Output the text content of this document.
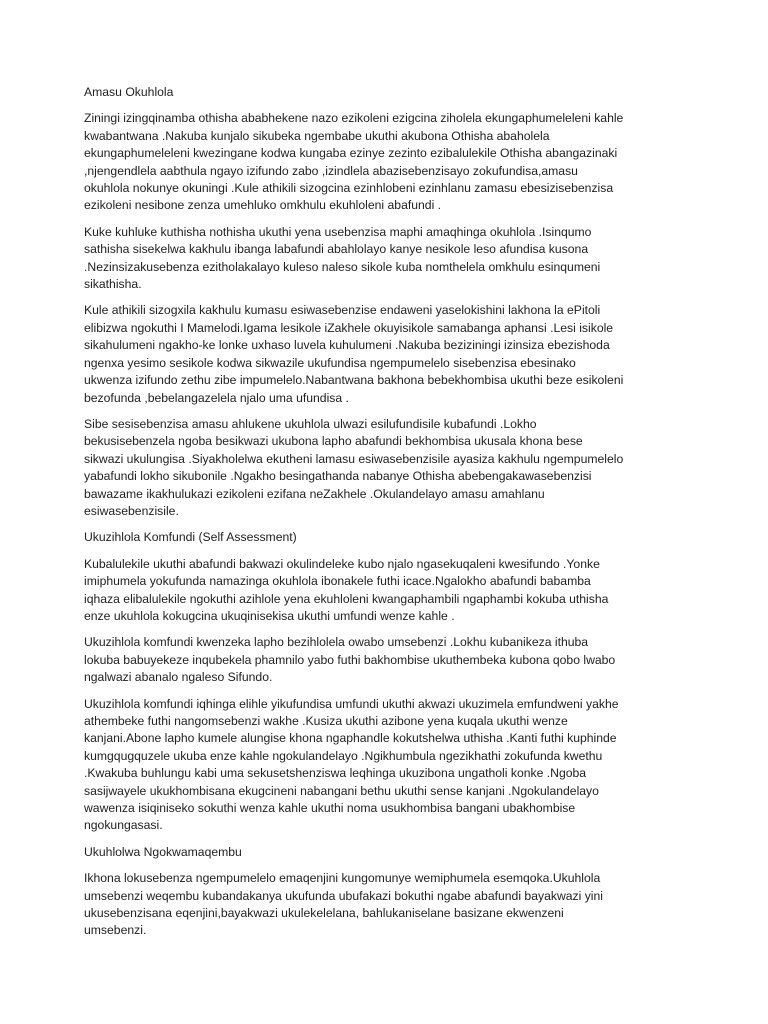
Amasu Okuhlola

Ziningi izingqinamba othisha ababhekene nazo ezikoleni ezigcina ziholela ekungaphumeleleni kahle kwabantwana .Nakuba kunjalo sikubeka ngembabe ukuthi akubona Othisha abaholela ekungaphumeleleni kwezingane kodwa kungaba ezinye zezinto ezibalulekile Othisha abangazinaki ,njengendlela aabthula ngayo izifundo zabo ,izindlela abazisebenzisayo zokufundisa,amasu okuhlola nokunye okuningi .Kule athikili sizogcina ezinhlobeni ezinhlanu zamasu ebesizisebenzisa ezikoleni nesibone zenza umehluko omkhulu ekuhloleni abafundi .

Kuke kuhluke kuthisha nothisha ukuthi yena usebenzisa maphi amaqhinga okuhlola .Isinqumo sathisha sisekelwa kakhulu ibanga labafundi abahlolayo kanye nesikole leso afundisa kusona .Nezinsizakusebenza ezitholakalayo kuleso naleso sikole kuba nomthelela omkhulu esinqumeni sikathisha.

Kule athikili sizogxila kakhulu kumasu esiwasebenzise endaweni yaselokishini lakhona la ePitoli elibizwa ngokuthi I Mamelodi.Igama lesikole iZakhele okuyisikole samabanga aphansi .Lesi isikole sikahulumeni ngakho-ke lonke uxhaso luvela kuhulumeni .Nakuba beziziningi izinsiza ebezishoda ngenxa yesimo sesikole kodwa sikwazile ukufundisa ngempumelelo sisebenzisa ebesinako ukwenza izifundo zethu zibe impumelelo.Nabantwana bakhona bebekhombisa ukuthi beze esikoleni bezofunda ,bebelangazelela njalo uma ufundisa .

Sibe sesisebenzisa amasu ahlukene ukuhlola ulwazi esilufundisile kubafundi .Lokho bekusisebenzela ngoba besikwazi ukubona lapho abafundi bekhombisa ukusala khona bese sikwazi ukulungisa .Siyakholelwa ekutheni lamasu esiwasebenzisile ayasiza kakhulu ngempumelelo yabafundi lokho sikubonile .Ngakho besingathanda nabanye Othisha abebengakawasebenzisi bawazame ikakhulukazi ezikoleni ezifana neZakhele .Okulandelayo amasu amahlanu esiwasebenzisile.

Ukuzihlola Komfundi (Self Assessment)

Kubalulekile ukuthi abafundi bakwazi okulindeleke kubo njalo ngasekuqaleni kwesifundo .Yonke imiphumela yokufunda namazinga okuhlola ibonakele futhi icace.Ngalokho abafundi babamba iqhaza elibalulekile ngokuthi azihlole yena ekuhloleni kwangaphambili ngaphambi kokuba uthisha enze ukuhlola kokugcina ukuqinisekisa ukuthi umfundi wenze kahle .

Ukuzihlola komfundi kwenzeka lapho bezihlolela owabo umsebenzi .Lokhu kubanikeza ithuba lokuba babuyekeze inqubekela phamnilo yabo futhi bakhombise ukuthembeka kubona qobo lwabo ngalwazi abanalo ngaleso Sifundo.

Ukuzihlola komfundi iqhinga elihle yikufundisa umfundi ukuthi akwazi ukuzimela emfundweni yakhe athembeke futhi nangomsebenzi wakhe .Kusiza ukuthi azibone yena kuqala ukuthi wenze kanjani.Abone lapho kumele alungise khona ngaphandle kokutshelwa uthisha .Kanti futhi kuphinde kumgqugquzele ukuba enze kahle ngokulandelayo .Ngikhumbula ngezikhathi zokufunda kwethu .Kwakuba buhlungu kabi uma sekusetshenziswa leqhinga ukuzibona ungatholi konke .Ngoba sasijwayele ukukhombisana ekugcineni nabangani bethu ukuthi sense kanjani .Ngokulandelayo wawenza isiqiniseko sokuthi wenza kahle ukuthi noma usukhombisa bangani ubakhombise ngokungasasi.

Ukuhlolwa Ngokwamaqembu

Ikhona lokusebenza ngempumelelo emaqenjini kungomunye wemiphumela esemqoka.Ukuhlola umsebenzi weqembu kubandakanya ukufunda ubufakazi bokuthi ngabe abafundi bayakwazi yini ukusebenzisana eqenjini,bayakwazi ukulekelelana, bahlukaniselane basizane ekwenzeni umsebenzi.
